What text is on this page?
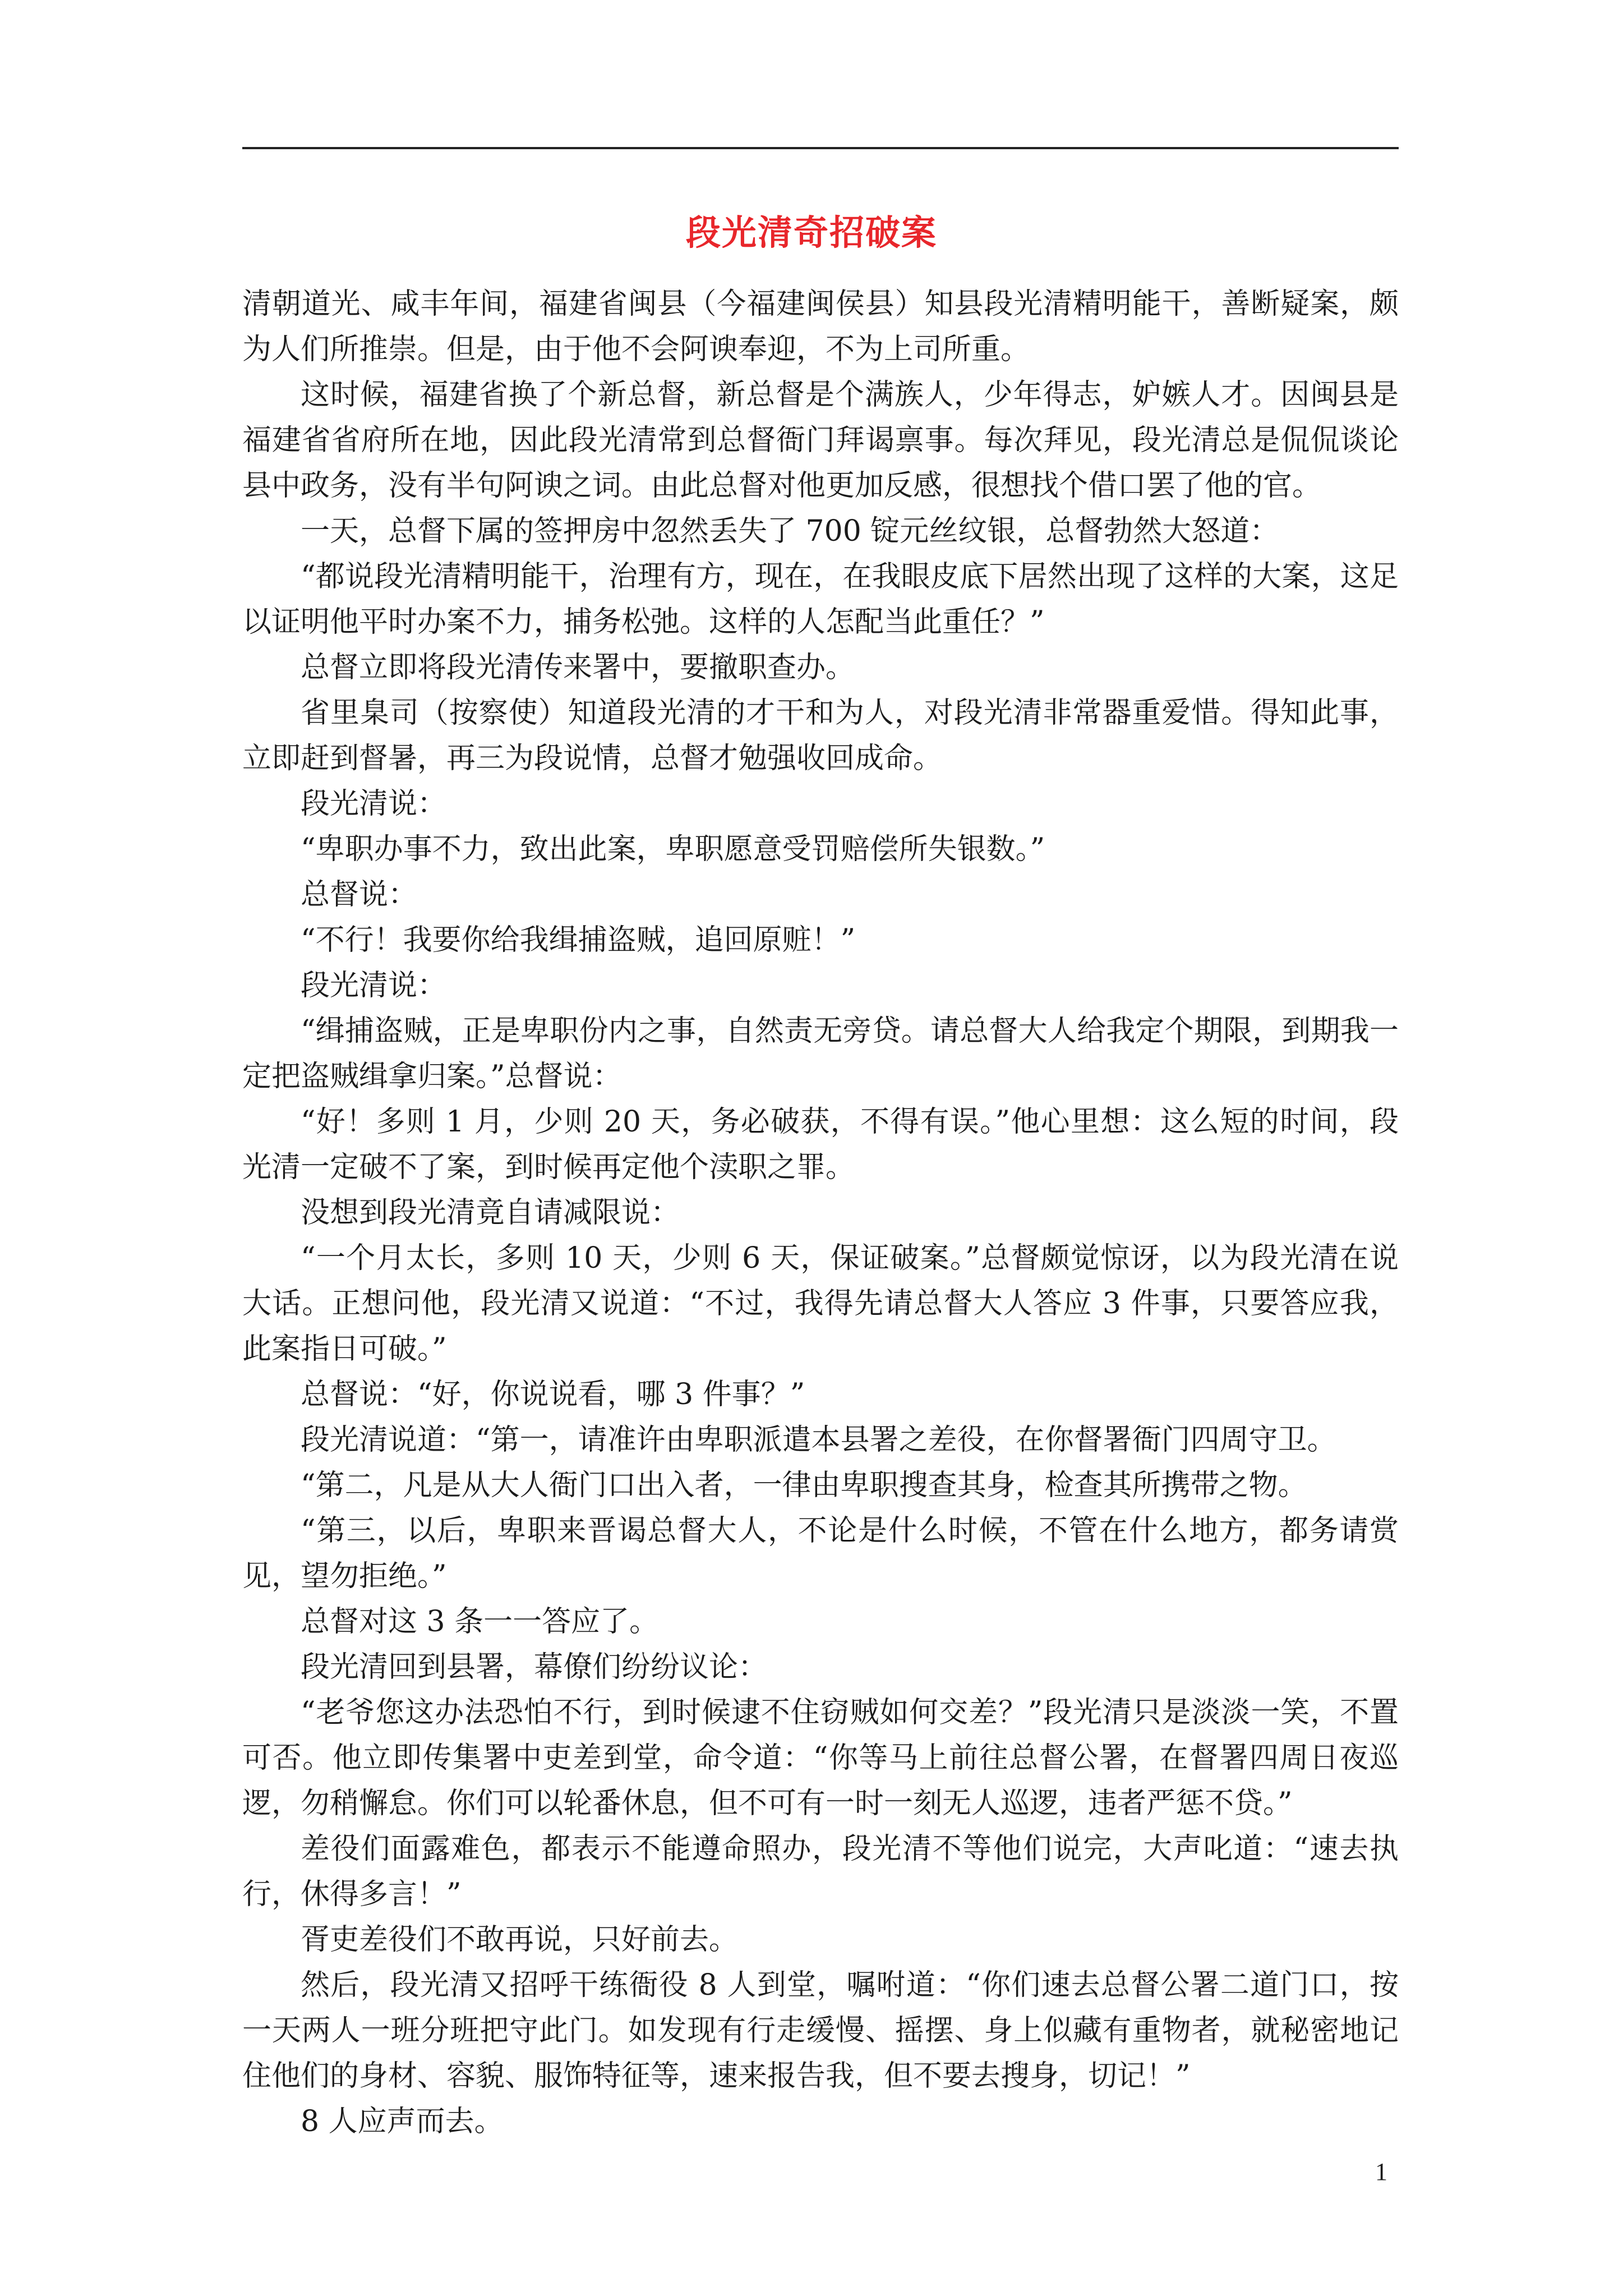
段光清奇招破案

清朝道光、咸丰年间，福建省闽县（今福建闽侯县）知县段光清精明能干，善断疑案，颇为人们所推崇。但是，由于他不会阿谀奉迎，不为上司所重。

这时候，福建省换了个新总督，新总督是个满族人，少年得志，妒嫉人才。因闽县是福建省省府所在地，因此段光清常到总督衙门拜谒禀事。每次拜见，段光清总是侃侃谈论县中政务，没有半句阿谀之词。由此总督对他更加反感，很想找个借口罢了他的官。

一天，总督下属的签押房中忽然丢失了 700 锭元丝纹银，总督勃然大怒道：

“都说段光清精明能干，治理有方，现在，在我眼皮底下居然出现了这样的大案，这足以证明他平时办案不力，捕务松弛。这样的人怎配当此重任？”

总督立即将段光清传来署中，要撤职查办。

省里臬司（按察使）知道段光清的才干和为人，对段光清非常器重爱惜。得知此事，立即赶到督暑，再三为段说情，总督才勉强收回成命。

段光清说：

“卑职办事不力，致出此案，卑职愿意受罚赔偿所失银数。”

总督说：

“不行！我要你给我缉捕盗贼，追回原赃！”

段光清说：

“缉捕盗贼，正是卑职份内之事，自然责无旁贷。请总督大人给我定个期限，到期我一定把盗贼缉拿归案。”总督说：

“好！多则 1 月，少则 20 天，务必破获，不得有误。”他心里想：这么短的时间，段光清一定破不了案，到时候再定他个渎职之罪。

没想到段光清竟自请减限说：

“一个月太长，多则 10 天，少则 6 天，保证破案。”总督颇觉惊讶，以为段光清在说大话。正想问他，段光清又说道：“不过，我得先请总督大人答应 3 件事，只要答应我，此案指日可破。”

总督说：“好，你说说看，哪 3 件事？”

段光清说道：“第一，请准许由卑职派遣本县署之差役，在你督署衙门四周守卫。

“第二，凡是从大人衙门口出入者，一律由卑职搜查其身，检查其所携带之物。

“第三，以后，卑职来晋谒总督大人，不论是什么时候，不管在什么地方，都务请赏见，望勿拒绝。”

总督对这 3 条一一答应了。

段光清回到县署，幕僚们纷纷议论：

“老爷您这办法恐怕不行，到时候逮不住窃贼如何交差？”段光清只是淡淡一笑，不置可否。他立即传集署中吏差到堂，命令道：“你等马上前往总督公署，在督署四周日夜巡逻，勿稍懈怠。你们可以轮番休息，但不可有一时一刻无人巡逻，违者严惩不贷。”

差役们面露难色，都表示不能遵命照办，段光清不等他们说完，大声叱道：“速去执行，休得多言！”

胥吏差役们不敢再说，只好前去。

然后，段光清又招呼干练衙役 8 人到堂，嘱咐道：“你们速去总督公署二道门口，按一天两人一班分班把守此门。如发现有行走缓慢、摇摆、身上似藏有重物者，就秘密地记住他们的身材、容貌、服饰特征等，速来报告我，但不要去搜身，切记！”

8 人应声而去。

1
